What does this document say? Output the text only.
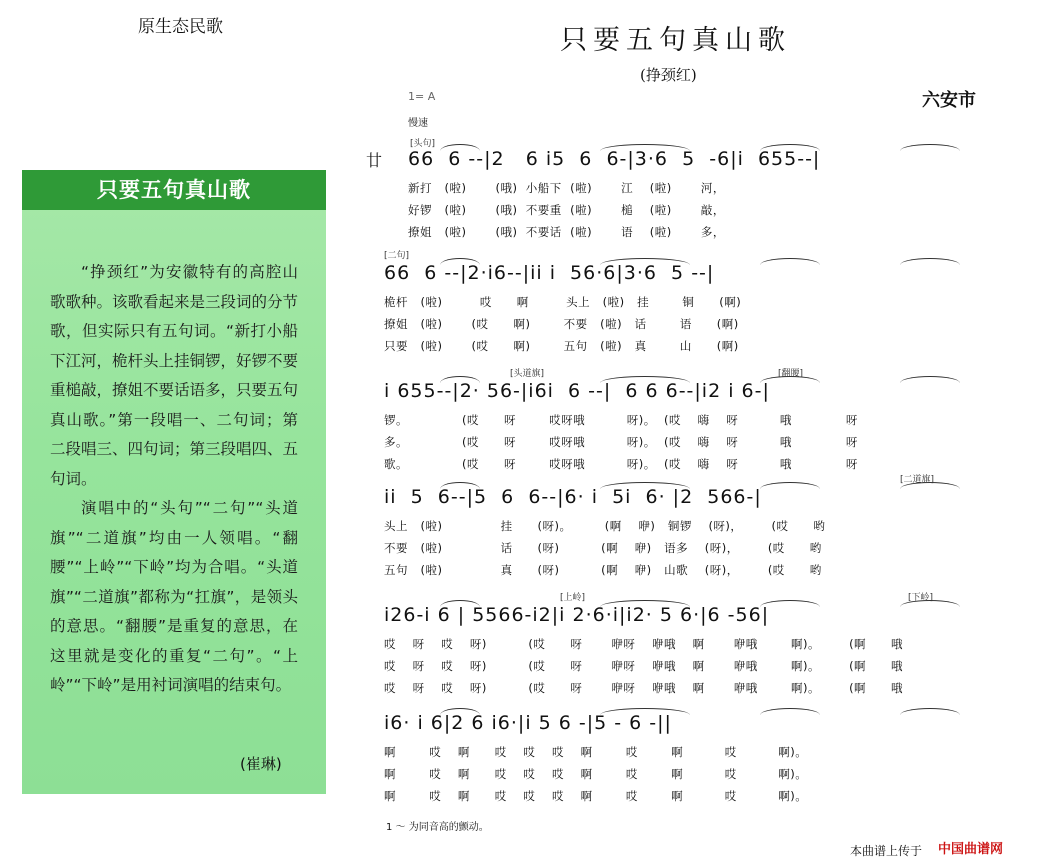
原生态民歌
只要五句真山歌

“挣颈红”为安徽特有的高腔山歌歌种。该歌看起来是三段词的分节歌，但实际只有五句词。“新打小船下江河，桅杆头上挂铜锣，好锣不要重槌敲，撩姐不要话语多，只要五句真山歌。”第一段唱一、二句词；第二段唱三、四句词；第三段唱四、五句词。

演唱中的“头句”“二句”“头道旗”“二道旗”均由一人领唱。“翻腰”“上岭”“下岭”均为合唱。“头道旗”“二道旗”都称为“扛旗”，是领头的意思。“翻腰”是重复的意思，在这里就是变化的重复“二句”。“上岭”“下岭”是用衬词演唱的结束句。

(崔琳)
只要五句真山歌
(挣颈红)
六安市
1= A
慢速
[头句]
廿 66  6 --|2   6 i5  6  6-|3·6  5  -6|i  655--|
新打   (啦)       (哦)  小船下  (啦)       江    (啦)       河，
好锣   (啦)       (哦)  不要重  (啦)       槌    (啦)       敲，
撩姐   (啦)       (哦)  不要话  (啦)       语    (啦)       多，
[二句]
66  6 --|2·i6--|ii i  56·6|3·6  5 --|
桅杆   (啦)         哎      啊         头上   (啦)   挂        铜      (啊)
撩姐   (啦)       (哎      啊)        不要   (啦)   话        语      (啊)
只要   (啦)       (哎      啊)        五句   (啦)   真        山      (啊)
[头道旗]	[翻腰]
i 655--|2· 56-|i6i  6 --|  6 6 6--|i2 i 6-|
锣。             (哎      呀        哎呀哦          呀)。  (哎    嗨    呀          哦             呀
多。             (哎      呀        哎呀哦          呀)。  (哎    嗨    呀          哦             呀
歌。             (哎      呀        哎呀哦          呀)。  (哎    嗨    呀          哦             呀
[二道旗]
ii  5  6--|5  6  6--|6· i  5i  6· |2  566-|
头上   (啦)              挂      (呀)。        (啊    咿)   铜锣    (呀)，       (哎      哟
不要   (啦)              话      (呀)          (啊    咿)   语多    (呀)，       (哎      哟
五句   (啦)              真      (呀)          (啊    咿)   山歌    (呀)，       (哎      哟
[上岭]	[下岭]
i26-i 6 | 5566-i2|i 2·6·i|i2· 5 6·|6 -56|
哎    呀    哎    呀)          (哎      呀       咿呀    咿哦    啊       咿哦        啊)。       (啊      哦
哎    呀    哎    呀)          (哎      呀       咿呀    咿哦    啊       咿哦        啊)。       (啊      哦
哎    呀    哎    呀)          (哎      呀       咿呀    咿哦    啊       咿哦        啊)。       (啊      哦
i6· i 6|2 6 i6·|i 5 6 -|5 - 6 -||
啊        哎    啊      哎    哎    哎    啊        哎        啊          哎          啊)。
啊        哎    啊      哎    哎    哎    啊        哎        啊          哎          啊)。
啊        哎    啊      哎    哎    哎    啊        哎        啊          哎          啊)。
1 ～ 为同音高的颤动。
本曲谱上传于 中国曲谱网
